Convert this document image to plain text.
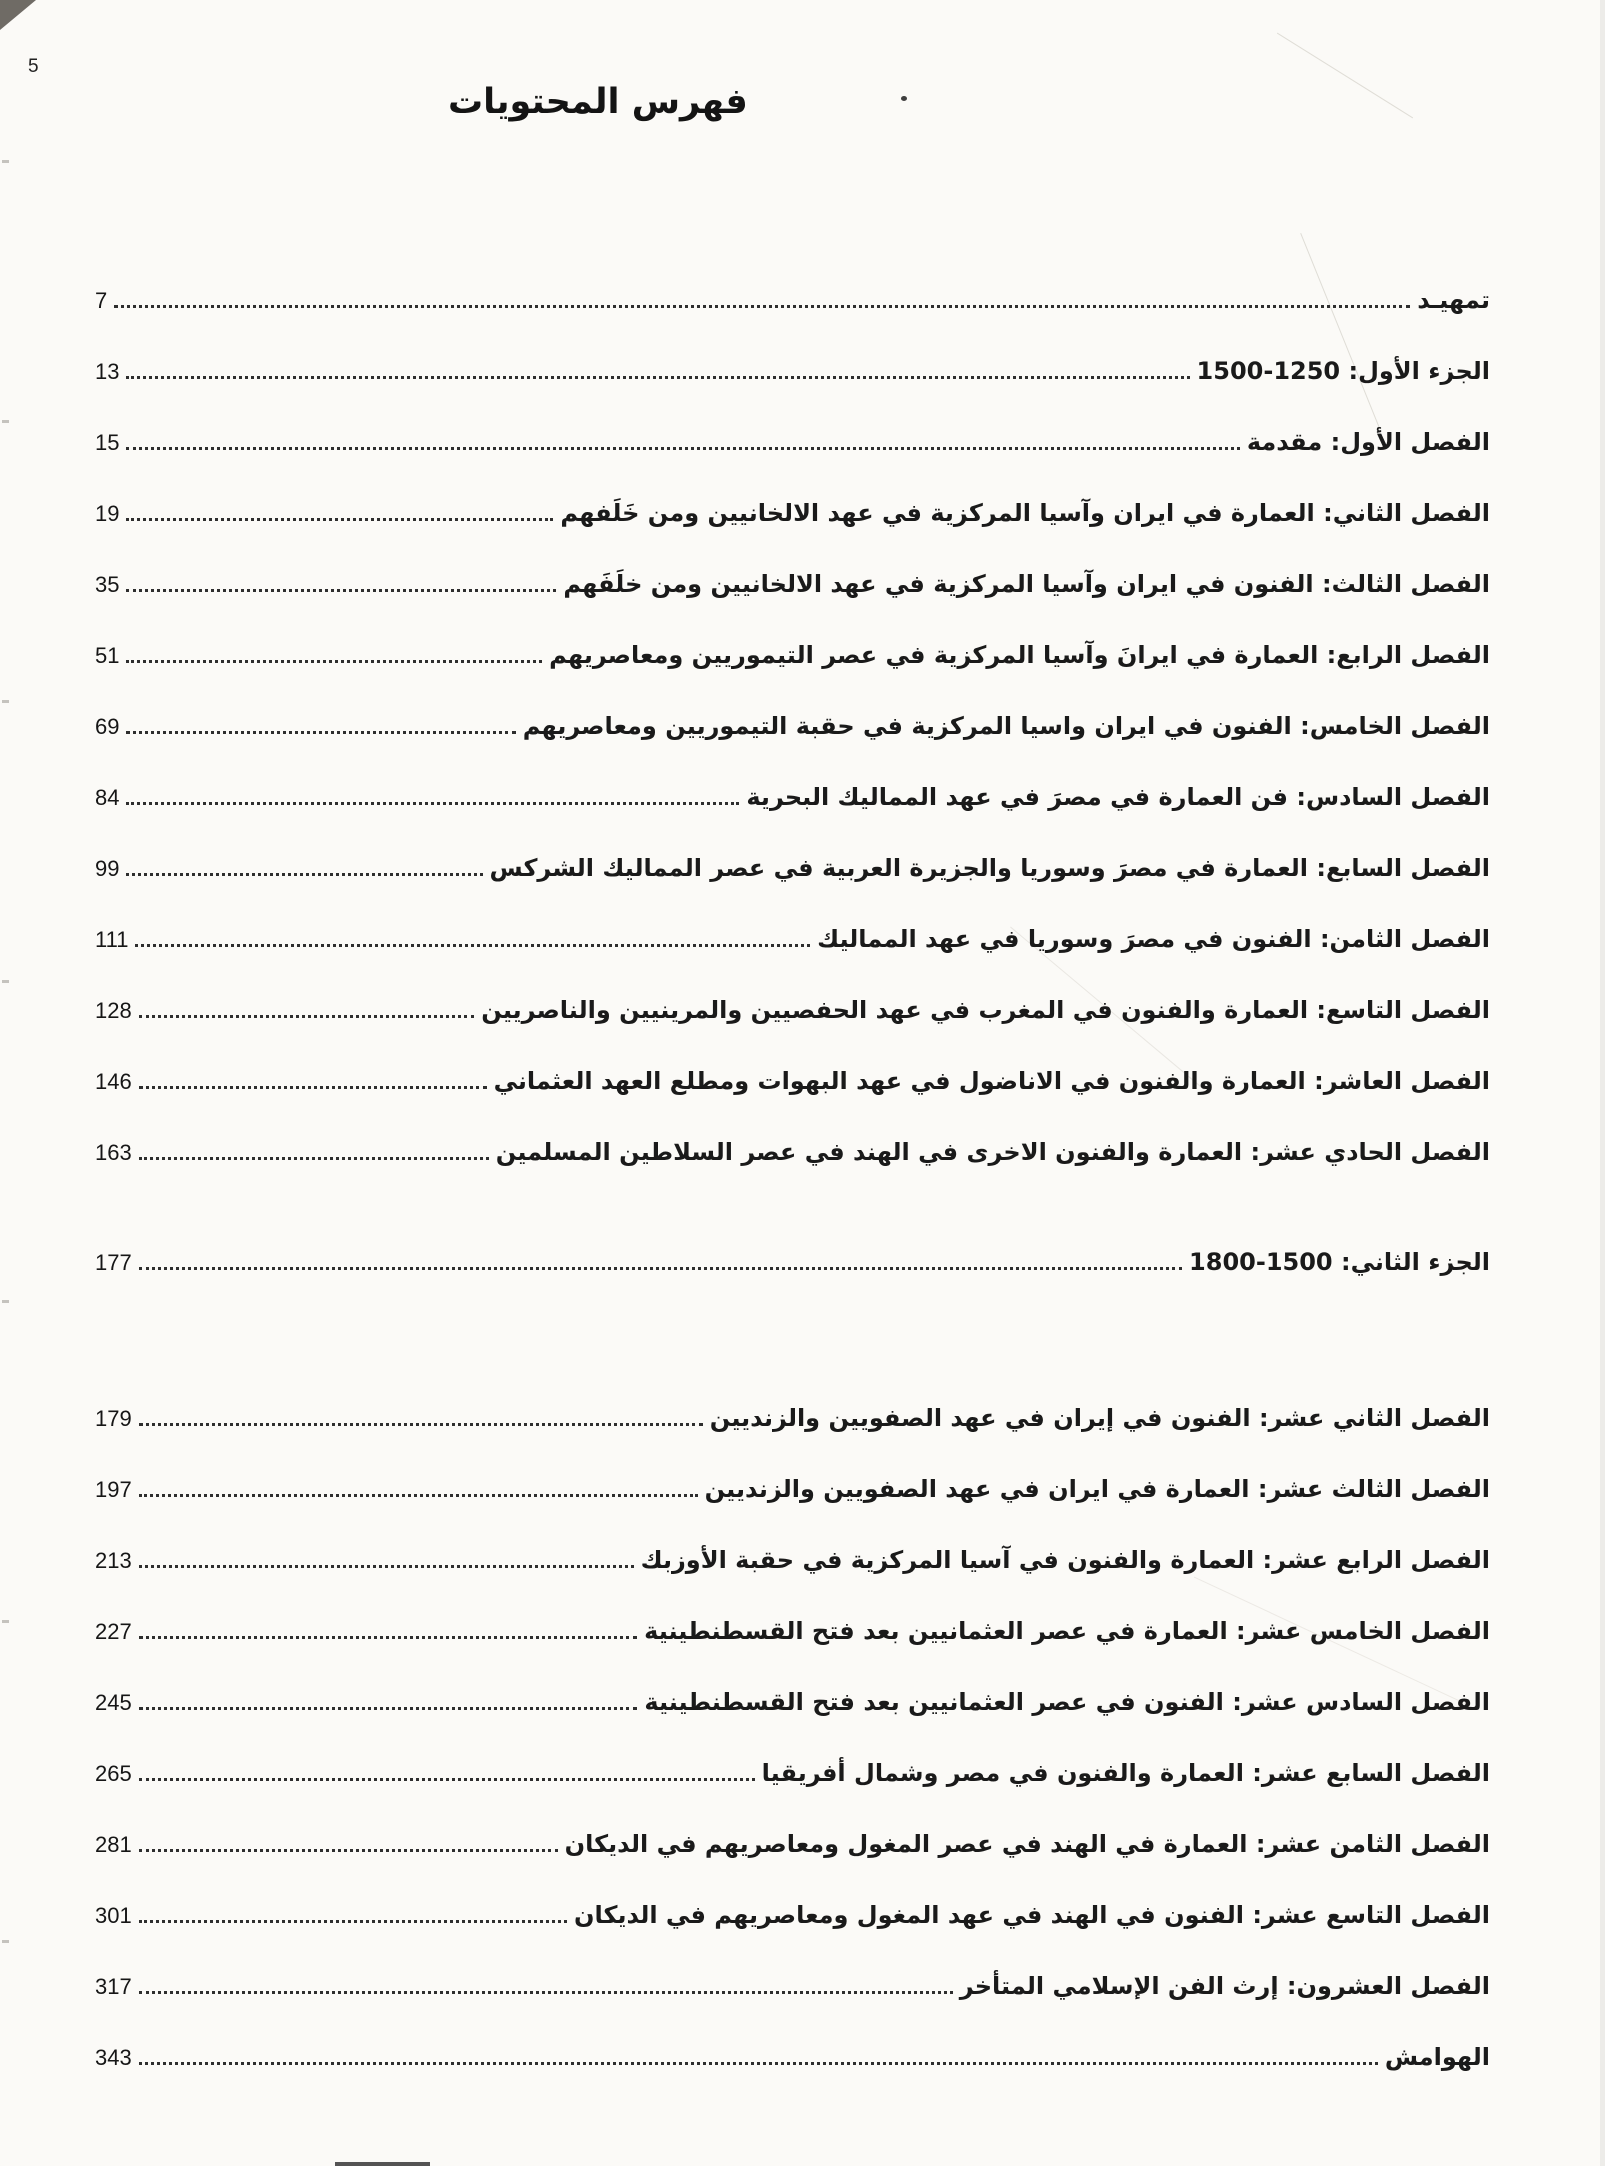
5
فهرس المحتويات
تمهيـد
7
الجزء الأول: 1250-1500
13
الفصل الأول: مقدمة
15
الفصل الثاني: العمارة في ايران وآسيا المركزية في عهد الالخانيين ومن خَلَفهم
19
الفصل الثالث: الفنون في ايران وآسيا المركزية في عهد الالخانيين ومن خلَفَهم
35
الفصل الرابع: العمارة في ايرانَ وآسيا المركزية في عصر التيموريين ومعاصريهم
51
الفصل الخامس: الفنون في ايران واسيا المركزية في حقبة التيموريين ومعاصريهم
69
الفصل السادس: فن العمارة في مصرَ في عهد المماليك البحرية
84
الفصل السابع: العمارة في مصرَ وسوريا والجزيرة العربية في عصر المماليك الشركس
99
الفصل الثامن: الفنون في مصرَ وسوريا في عهد المماليك
111
الفصل التاسع: العمارة والفنون في المغرب في عهد الحفصيين والمرينيين والناصريين
128
الفصل العاشر: العمارة والفنون في الاناضول في عهد البهوات ومطلع العهد العثماني
146
الفصل الحادي عشر: العمارة والفنون الاخرى في الهند في عصر السلاطين المسلمين
163
الجزء الثاني: 1500-1800
177
الفصل الثاني عشر: الفنون في إيران في عهد الصفويين والزنديين
179
الفصل الثالث عشر: العمارة في ايران في عهد الصفويين والزنديين
197
الفصل الرابع عشر: العمارة والفنون في آسيا المركزية في حقبة الأوزبك
213
الفصل الخامس عشر: العمارة في عصر العثمانيين بعد فتح القسطنطينية
227
الفصل السادس عشر: الفنون في عصر العثمانيين بعد فتح القسطنطينية
245
الفصل السابع عشر: العمارة والفنون في مصر وشمال أفريقيا
265
الفصل الثامن عشر: العمارة في الهند في عصر المغول ومعاصريهم في الديكان
281
الفصل التاسع عشر: الفنون في الهند في عهد المغول ومعاصريهم في الديكان
301
الفصل العشرون: إرث الفن الإسلامي المتأخر
317
الهوامش
343
